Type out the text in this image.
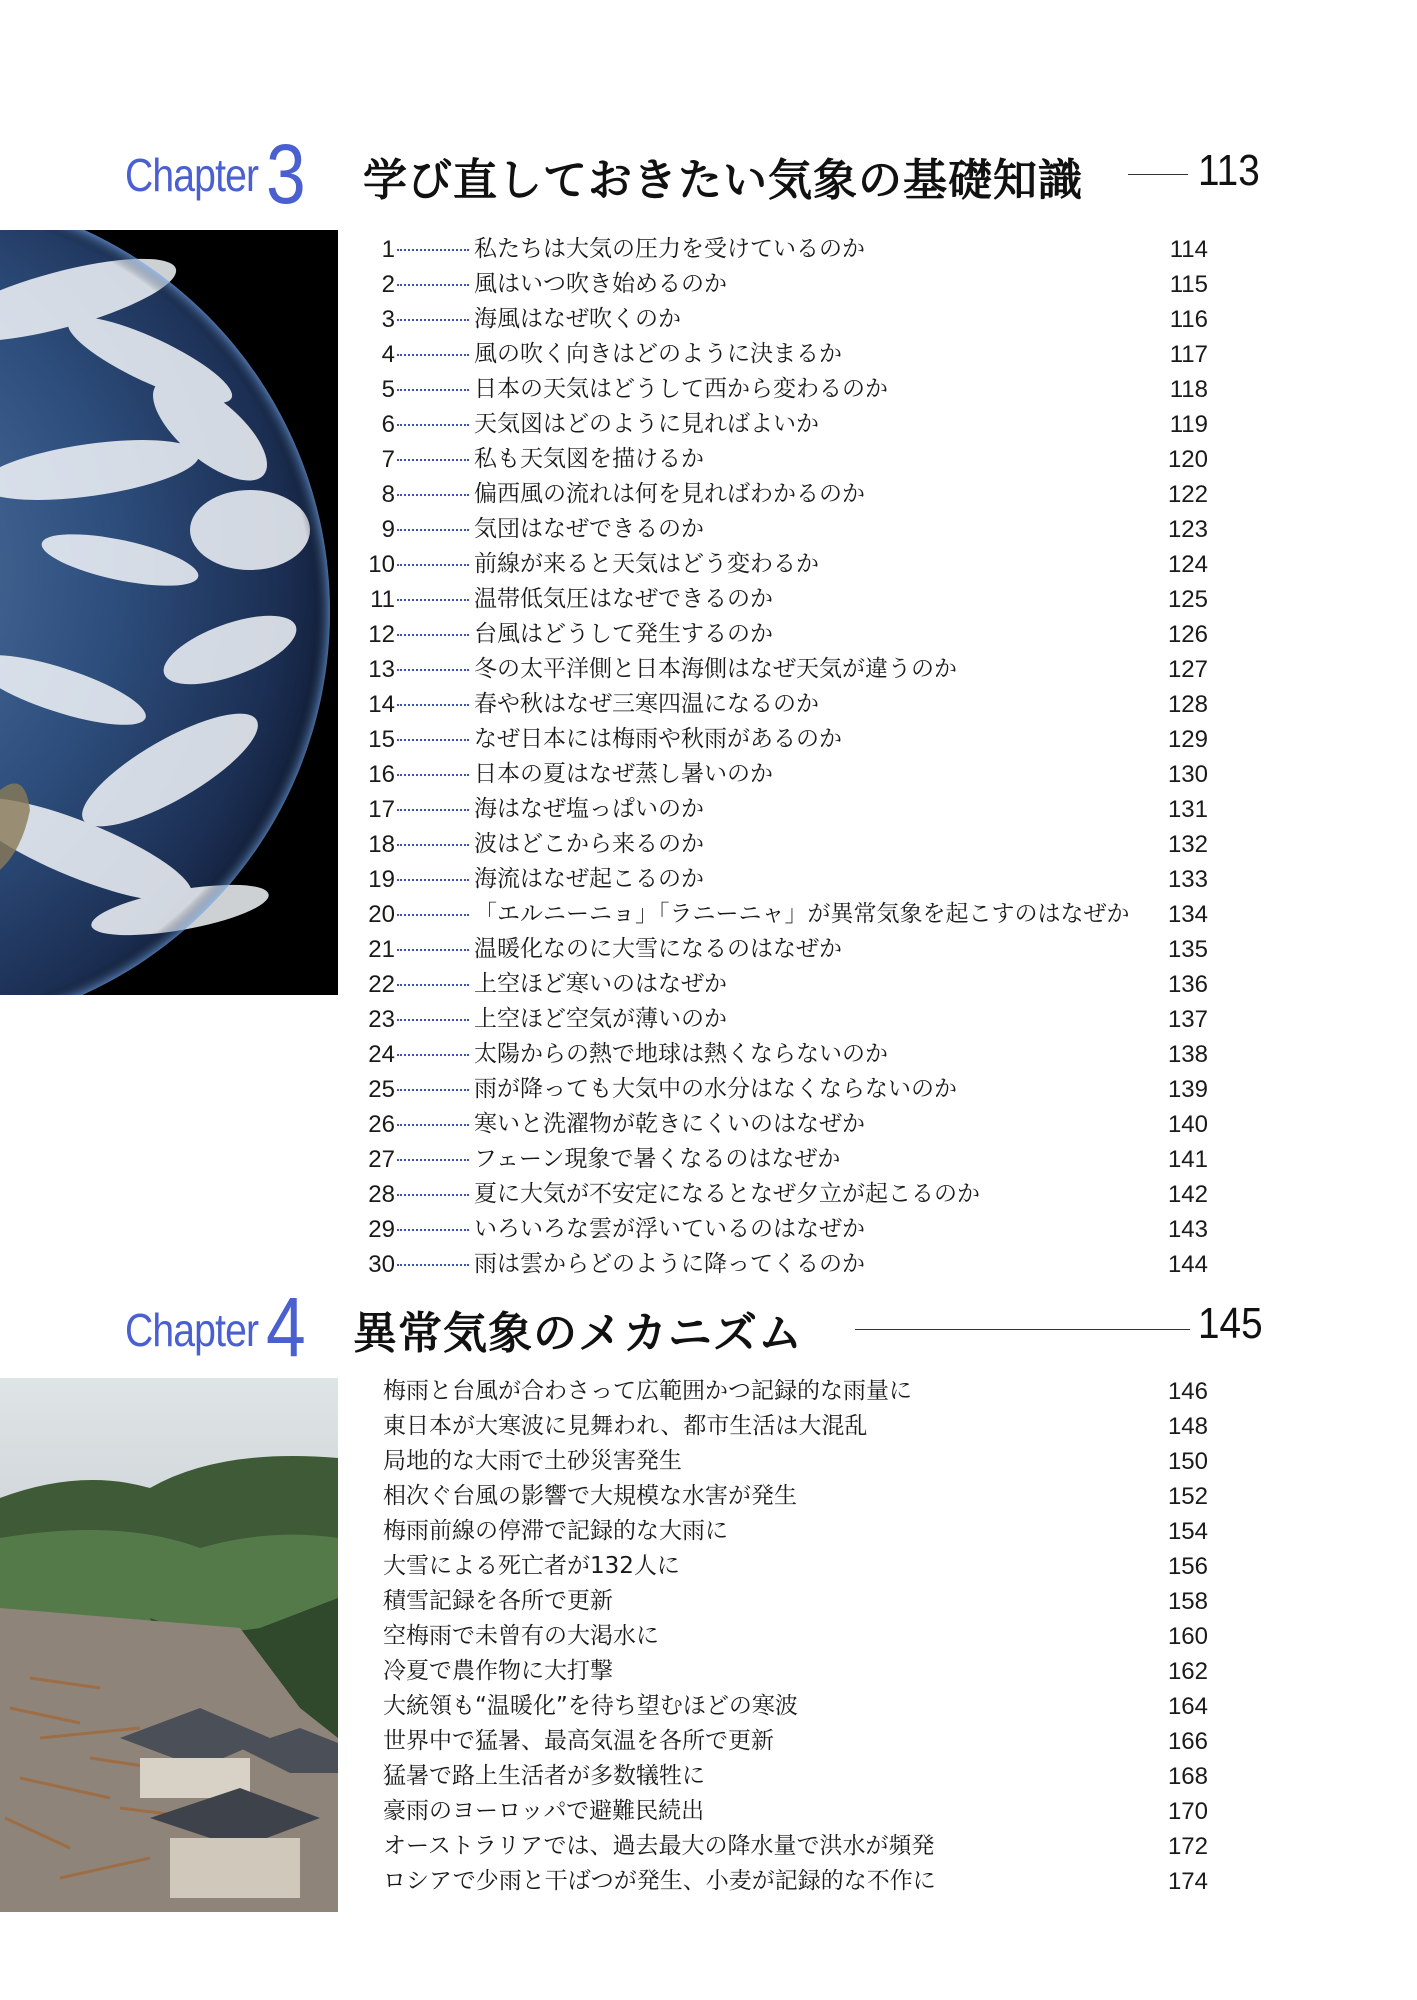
Chapter 3 学び直しておきたい気象の基礎知識	113
1	私たちは大気の圧力を受けているのか	114
2	風はいつ吹き始めるのか	115
3	海風はなぜ吹くのか	116
4	風の吹く向きはどのように決まるか	117
5	日本の天気はどうして西から変わるのか	118
6	天気図はどのように見ればよいか	119
7	私も天気図を描けるか	120
8	偏西風の流れは何を見ればわかるのか	122
9	気団はなぜできるのか	123
10	前線が来ると天気はどう変わるか	124
11	温帯低気圧はなぜできるのか	125
12	台風はどうして発生するのか	126
13	冬の太平洋側と日本海側はなぜ天気が違うのか	127
14	春や秋はなぜ三寒四温になるのか	128
15	なぜ日本には梅雨や秋雨があるのか	129
16	日本の夏はなぜ蒸し暑いのか	130
17	海はなぜ塩っぱいのか	131
18	波はどこから来るのか	132
19	海流はなぜ起こるのか	133
20	「エルニーニョ」「ラニーニャ」が異常気象を起こすのはなぜか	134
21	温暖化なのに大雪になるのはなぜか	135
22	上空ほど寒いのはなぜか	136
23	上空ほど空気が薄いのか	137
24	太陽からの熱で地球は熱くならないのか	138
25	雨が降っても大気中の水分はなくならないのか	139
26	寒いと洗濯物が乾きにくいのはなぜか	140
27	フェーン現象で暑くなるのはなぜか	141
28	夏に大気が不安定になるとなぜ夕立が起こるのか	142
29	いろいろな雲が浮いているのはなぜか	143
30	雨は雲からどのように降ってくるのか	144
Chapter 4 異常気象のメカニズム	145
梅雨と台風が合わさって広範囲かつ記録的な雨量に	146
東日本が大寒波に見舞われ、都市生活は大混乱	148
局地的な大雨で土砂災害発生	150
相次ぐ台風の影響で大規模な水害が発生	152
梅雨前線の停滞で記録的な大雨に	154
大雪による死亡者が132人に	156
積雪記録を各所で更新	158
空梅雨で未曾有の大渇水に	160
冷夏で農作物に大打撃	162
大統領も“温暖化”を待ち望むほどの寒波	164
世界中で猛暑、最高気温を各所で更新	166
猛暑で路上生活者が多数犠牲に	168
豪雨のヨーロッパで避難民続出	170
オーストラリアでは、過去最大の降水量で洪水が頻発	172
ロシアで少雨と干ばつが発生、小麦が記録的な不作に	174
